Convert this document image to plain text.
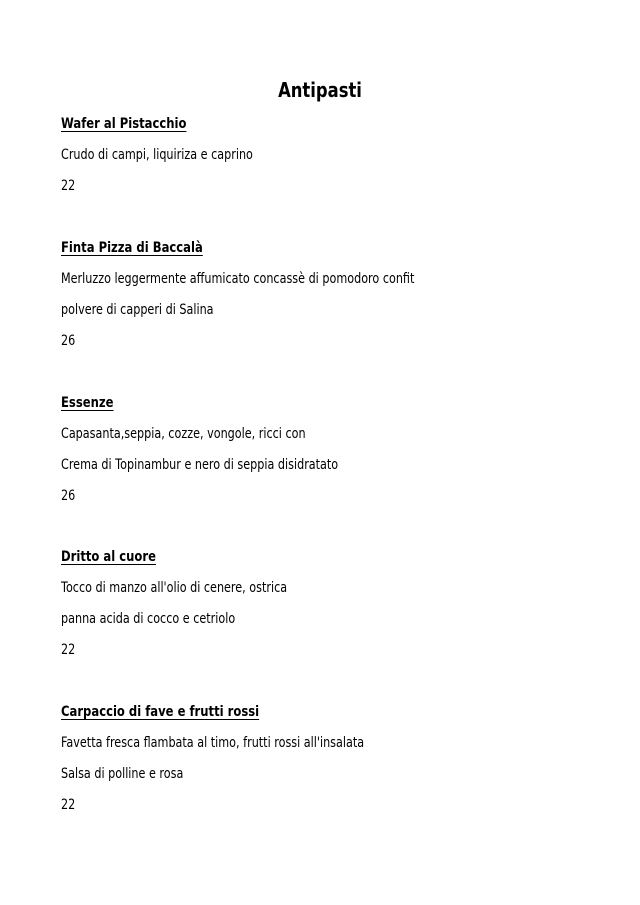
Antipasti
Wafer al Pistacchio
Crudo di campi, liquiriza e caprino
22
Finta Pizza di Baccalà
Merluzzo leggermente affumicato concassè di pomodoro confit
polvere di capperi di Salina
26
Essenze
Capasanta,seppia, cozze, vongole, ricci con
Crema di Topinambur e nero di seppia disidratato
26
Dritto al cuore
Tocco di manzo all'olio di cenere, ostrica
panna acida di cocco e cetriolo
22
Carpaccio di fave e frutti rossi
Favetta fresca flambata al timo, frutti rossi all'insalata
Salsa di polline e rosa
22
